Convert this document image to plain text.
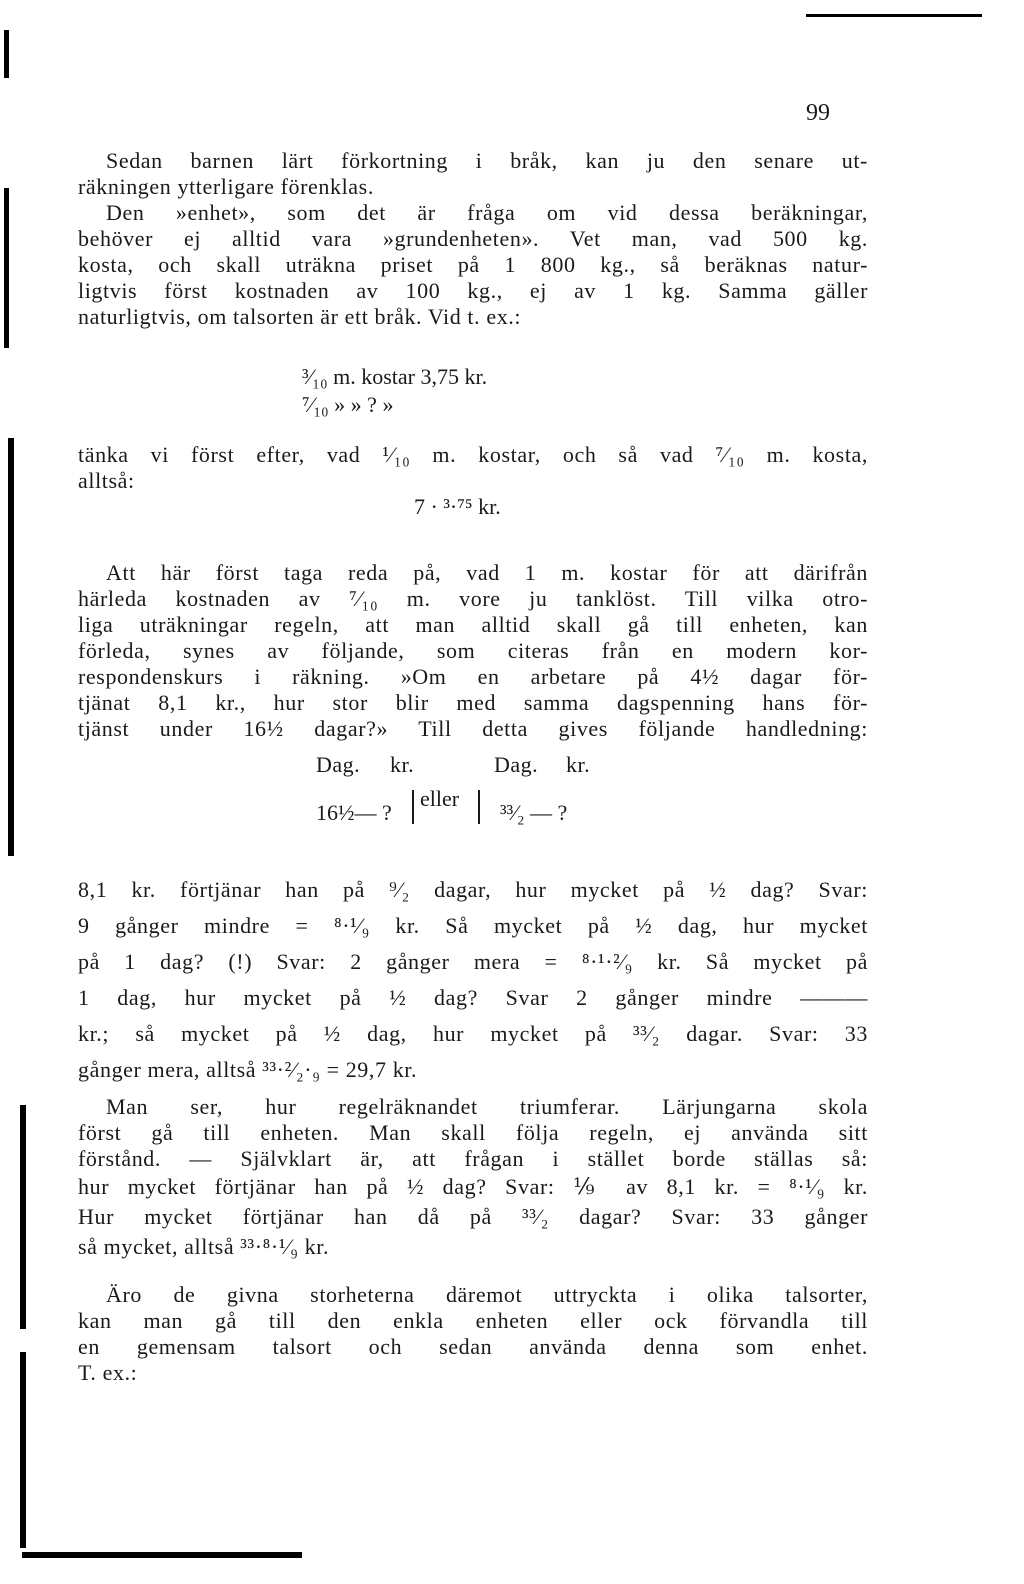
99
Sedan barnen lärt förkortning i bråk, kan ju den senare ut-
räkningen ytterligare förenklas.
Den »enhet», som det är fråga om vid dessa beräkningar,
behöver ej alltid vara »grundenheten». Vet man, vad 500 kg.
kosta, och skall uträkna priset på 1 800 kg., så beräknas natur-
ligtvis först kostnaden av 100 kg., ej av 1 kg. Samma gäller
naturligtvis, om talsorten är ett bråk. Vid t. ex.:
³⁄₁₀ m. kostar 3,75 kr.
⁷⁄₁₀ » » ? »
tänka vi först efter, vad ¹⁄₁₀ m. kostar, och så vad ⁷⁄₁₀ m. kosta,
alltså:
7 · ³·⁷⁵ kr.
Att här först taga reda på, vad 1 m. kostar för att därifrån
härleda kostnaden av ⁷⁄₁₀ m. vore ju tanklöst. Till vilka otro-
liga uträkningar regeln, att man alltid skall gå till enheten, kan
förleda, synes av följande, som citeras från en modern kor-
respondenskurs i räkning. »Om en arbetare på 4½ dagar för-
tjänat 8,1 kr., hur stor blir med samma dagspenning hans för-
tjänst under 16½ dagar?» Till detta gives följande handledning:
Dag. kr.	Dag. kr.
16½— ?
eller
³³⁄₂ — ?
8,1 kr. förtjänar han på ⁹⁄₂ dagar, hur mycket på ½ dag? Svar:
9 gånger mindre = ⁸·¹⁄₉ kr. Så mycket på ½ dag, hur mycket
på 1 dag? (!) Svar: 2 gånger mera = ⁸·¹·²⁄₉ kr. Så mycket på
1 dag, hur mycket på ½ dag? Svar 2 gånger mindre ———
kr.; så mycket på ½ dag, hur mycket på ³³⁄₂ dagar. Svar: 33
gånger mera, alltså ³³·²⁄₂·₉ = 29,7 kr.
Man ser, hur regelräknandet triumferar. Lärjungarna skola
först gå till enheten. Man skall följa regeln, ej använda sitt
förstånd. — Självklart är, att frågan i stället borde ställas så:
hur mycket förtjänar han på ½ dag? Svar: ⅑ av 8,1 kr. = ⁸·¹⁄₉ kr.
Hur mycket förtjänar han då på ³³⁄₂ dagar? Svar: 33 gånger
så mycket, alltså ³³·⁸·¹⁄₉ kr.
Äro de givna storheterna däremot uttryckta i olika talsorter,
kan man gå till den enkla enheten eller ock förvandla till
en gemensam talsort och sedan använda denna som enhet.
T. ex.:
